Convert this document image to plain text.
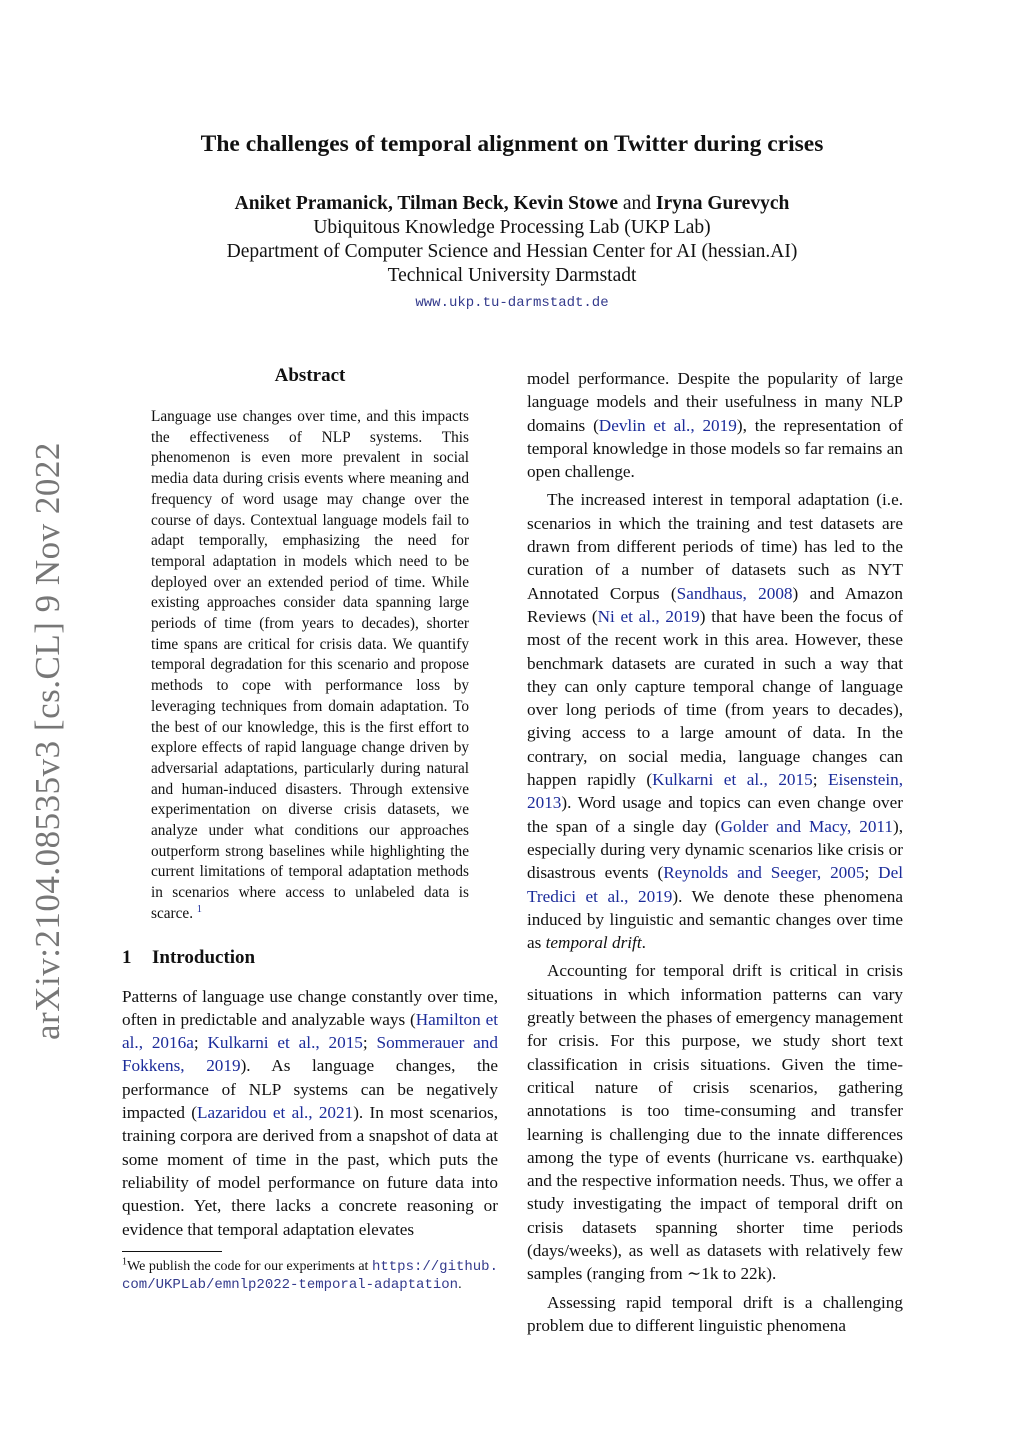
arXiv:2104.08535v3 [cs.CL] 9 Nov 2022
The challenges of temporal alignment on Twitter during crises
Aniket Pramanick, Tilman Beck, Kevin Stowe and Iryna Gurevych
Ubiquitous Knowledge Processing Lab (UKP Lab)
Department of Computer Science and Hessian Center for AI (hessian.AI)
Technical University Darmstadt
www.ukp.tu-darmstadt.de
Abstract
Language use changes over time, and this impacts the effectiveness of NLP systems. This phenomenon is even more prevalent in social media data during crisis events where meaning and frequency of word usage may change over the course of days. Contextual language models fail to adapt temporally, emphasizing the need for temporal adaptation in models which need to be deployed over an extended period of time. While existing approaches consider data spanning large periods of time (from years to decades), shorter time spans are critical for crisis data. We quantify temporal degradation for this scenario and propose methods to cope with performance loss by leveraging techniques from domain adaptation. To the best of our knowledge, this is the first effort to explore effects of rapid language change driven by adversarial adaptations, particularly during natural and human-induced disasters. Through extensive experimentation on diverse crisis datasets, we analyze under what conditions our approaches outperform strong baselines while highlighting the current limitations of temporal adaptation methods in scenarios where access to unlabeled data is scarce. $^1$
1 Introduction

Patterns of language use change constantly over time, often in predictable and analyzable ways (Hamilton et al., 2016a; Kulkarni et al., 2015; Sommerauer and Fokkens, 2019). As language changes, the performance of NLP systems can be negatively impacted (Lazaridou et al., 2021). In most scenarios, training corpora are derived from a snapshot of data at some moment of time in the past, which puts the reliability of model performance on future data into question. Yet, there lacks a concrete reasoning or evidence that temporal adaptation elevates

$^1$We publish the code for our experiments at https://github.com/UKPLab/emnlp2022-temporal-adaptation.

model performance. Despite the popularity of large language models and their usefulness in many NLP domains (Devlin et al., 2019), the representation of temporal knowledge in those models so far remains an open challenge.

The increased interest in temporal adaptation (i.e. scenarios in which the training and test datasets are drawn from different periods of time) has led to the curation of a number of datasets such as NYT Annotated Corpus (Sandhaus, 2008) and Amazon Reviews (Ni et al., 2019) that have been the focus of most of the recent work in this area. However, these benchmark datasets are curated in such a way that they can only capture temporal change of language over long periods of time (from years to decades), giving access to a large amount of data. In the contrary, on social media, language changes can happen rapidly (Kulkarni et al., 2015; Eisenstein, 2013). Word usage and topics can even change over the span of a single day (Golder and Macy, 2011), especially during very dynamic scenarios like crisis or disastrous events (Reynolds and Seeger, 2005; Del Tredici et al., 2019). We denote these phenomena induced by linguistic and semantic changes over time as temporal drift.

Accounting for temporal drift is critical in crisis situations in which information patterns can vary greatly between the phases of emergency management for crisis. For this purpose, we study short text classification in crisis situations. Given the time-critical nature of crisis scenarios, gathering annotations is too time-consuming and transfer learning is challenging due to the innate differences among the type of events (hurricane vs. earthquake) and the respective information needs. Thus, we offer a study investigating the impact of temporal drift on crisis datasets spanning shorter time periods (days/weeks), as well as datasets with relatively few samples (ranging from ∼1k to 22k).

Assessing rapid temporal drift is a challenging problem due to different linguistic phenomena
